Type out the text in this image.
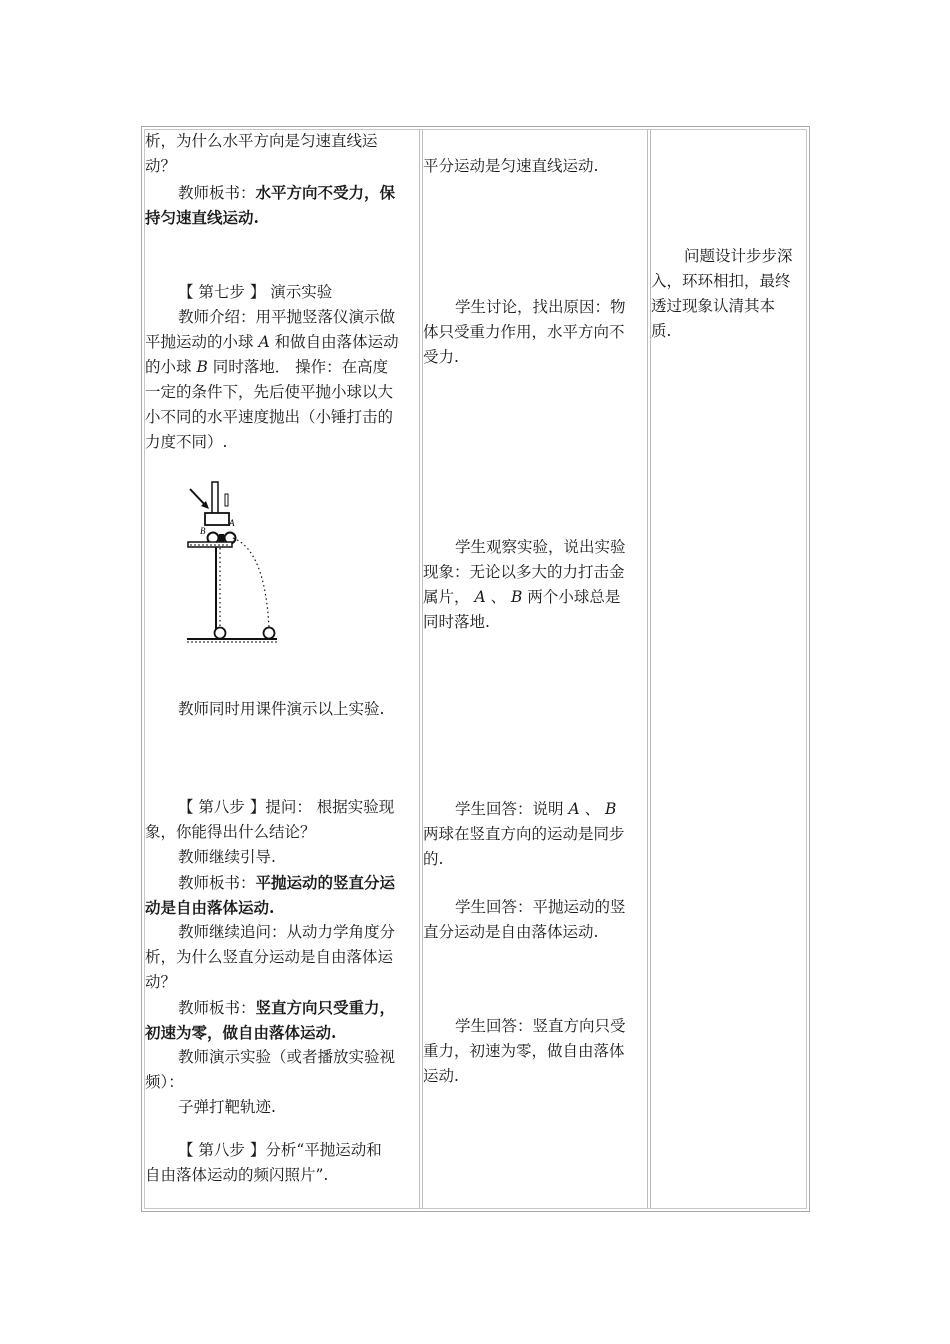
析，为什么水平方向是匀速直线运

动？

教师板书：水平方向不受力，保

持匀速直线运动.

【 第七步 】 演示实验

教师介绍：用平抛竖落仪演示做

平抛运动的小球 A 和做自由落体运动

的小球 B 同时落地． 操作：在高度

一定的条件下，先后使平抛小球以大

小不同的水平速度抛出（小锤打击的

力度不同）.

B
A

教师同时用课件演示以上实验.

【 第八步 】提问： 根据实验现

象，你能得出什么结论？

教师继续引导.

教师板书：平抛运动的竖直分运

动是自由落体运动.

教师继续追问：从动力学角度分

析，为什么竖直分运动是自由落体运

动？

教师板书：竖直方向只受重力，

初速为零，做自由落体运动.

教师演示实验（或者播放实验视

频）：

子弹打靶轨迹.

【 第八步 】分析“平抛运动和

自由落体运动的频闪照片”.

平分运动是匀速直线运动.

学生讨论，找出原因：物

体只受重力作用，水平方向不

受力.

学生观察实验，说出实验

现象：无论以多大的力打击金

属片， A 、 B 两个小球总是

同时落地.

学生回答：说明 A 、 B

两球在竖直方向的运动是同步

的.

学生回答：平抛运动的竖

直分运动是自由落体运动.

学生回答：竖直方向只受

重力，初速为零，做自由落体

运动.

问题设计步步深

入，环环相扣，最终

透过现象认清其本

质.
